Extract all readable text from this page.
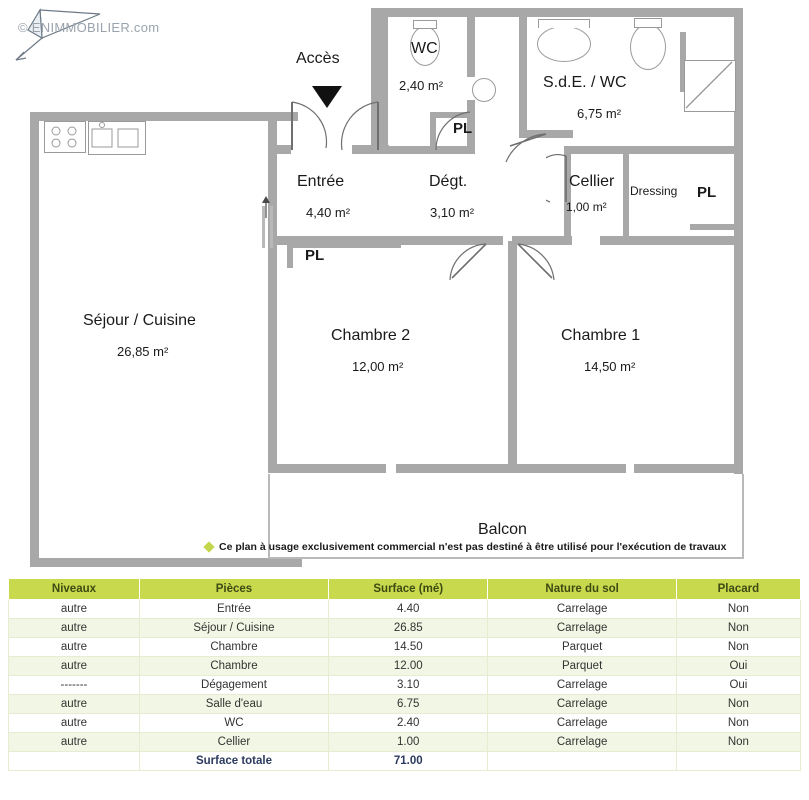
© ENIMMOBILIER.com
Accès
Séjour / Cuisine
26,85 m²
Chambre 2
12,00 m²
Chambre 1
14,50 m²
Entrée
4,40 m²
Dégt.
3,10 m²
WC
2,40 m²	S.d.E. / WC
6,75 m²
Cellier
1,00 m²
Balcon
Dressing
PL
PL
PL
Ce plan à usage exclusivement commercial n'est pas destiné à être utilisé pour l'exécution de travaux
Niveaux	Pièces	Surface (mé)	Nature du sol	Placard
autre	Entrée	4.40	Carrelage	Non
autre	Séjour / Cuisine	26.85	Carrelage	Non
autre	Chambre	14.50	Parquet	Non
autre	Chambre	12.00	Parquet	Oui
-------	Dégagement	3.10	Carrelage	Oui
autre	Salle d'eau	6.75	Carrelage	Non
autre	WC	2.40	Carrelage	Non
autre	Cellier	1.00	Carrelage	Non
	Surface totale	71.00		
